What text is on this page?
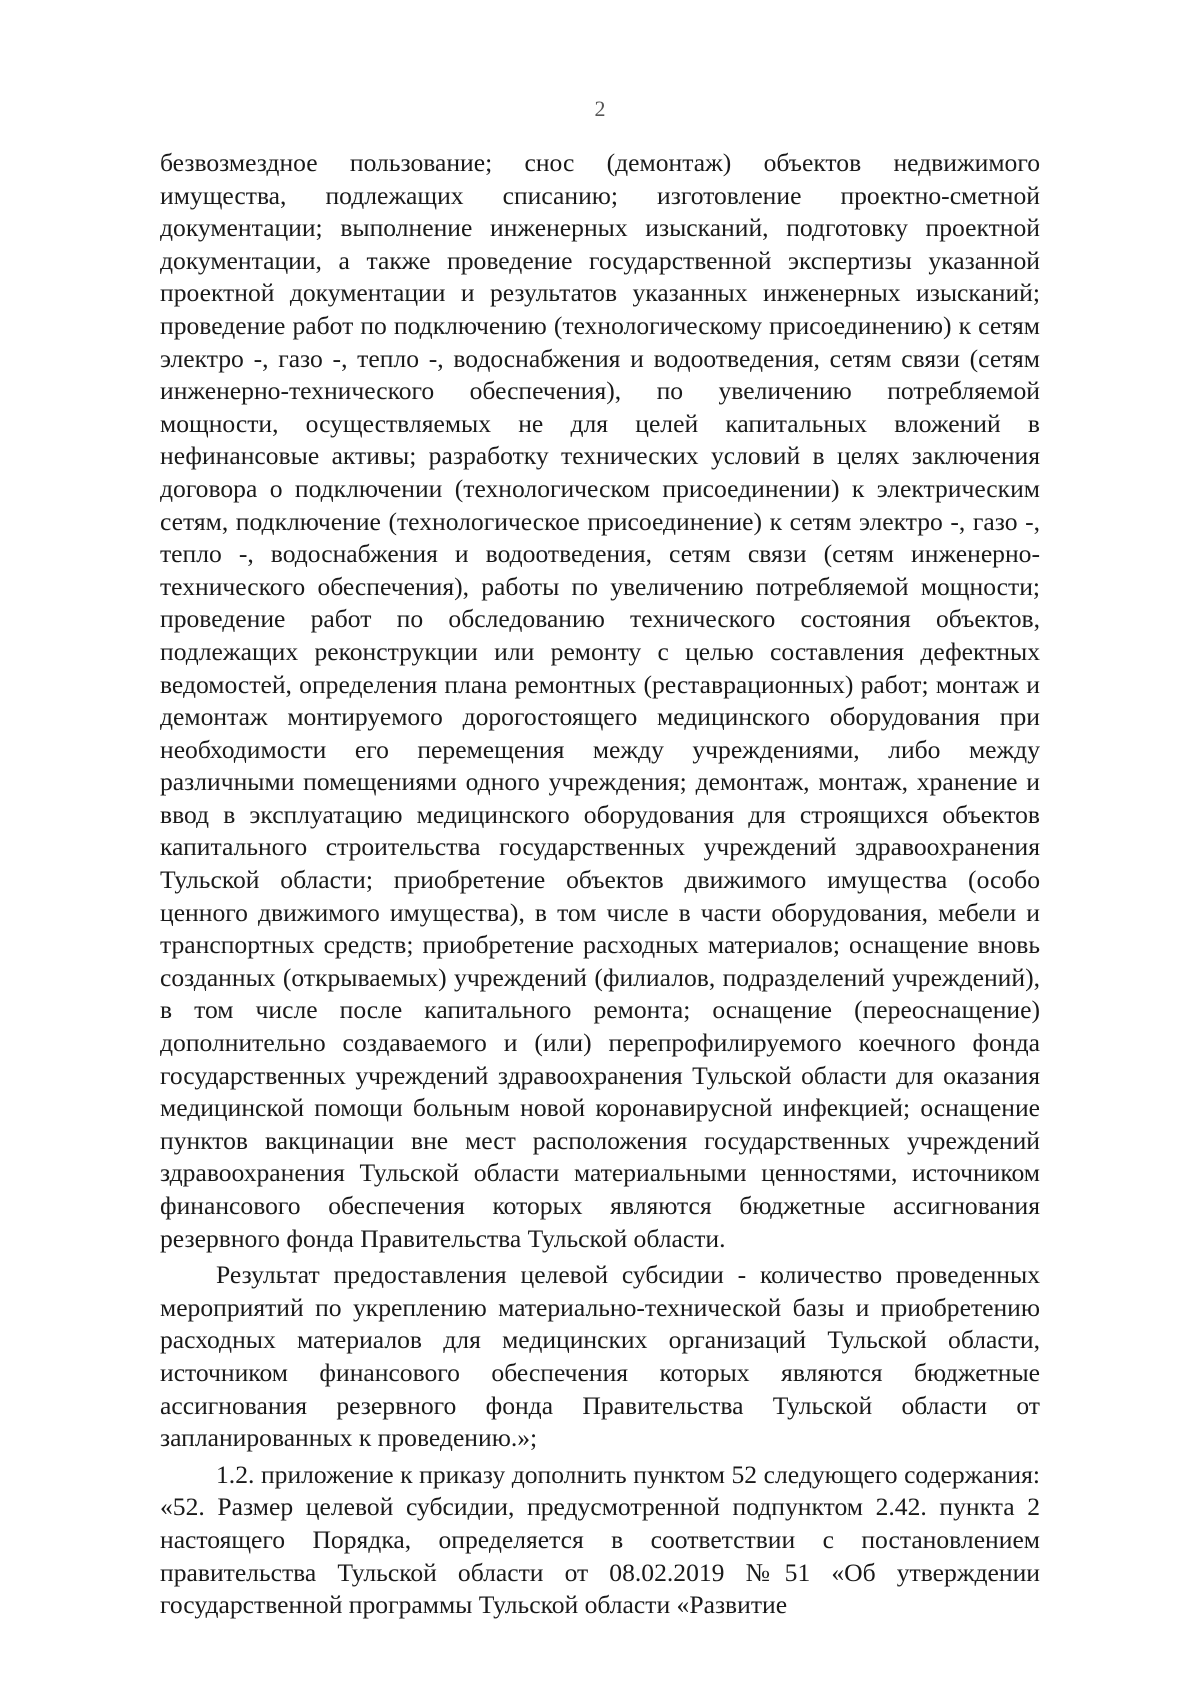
2

безвозмездное пользование; снос (демонтаж) объектов недвижимого имущества, подлежащих списанию; изготовление проектно-сметной документации; выполнение инженерных изысканий, подготовку проектной документации, а также проведение государственной экспертизы указанной проектной документации и результатов указанных инженерных изысканий; проведение работ по подключению (технологическому присоединению) к сетям электро -, газо -, тепло -, водоснабжения и водоотведения, сетям связи (сетям инженерно-технического обеспечения), по увеличению потребляемой мощности, осуществляемых не для целей капитальных вложений в нефинансовые активы; разработку технических условий в целях заключения договора о подключении (технологическом присоединении) к электрическим сетям, подключение (технологическое присоединение) к сетям электро -, газо -, тепло -, водоснабжения и водоотведения, сетям связи (сетям инженерно-технического обеспечения), работы по увеличению потребляемой мощности; проведение работ по обследованию технического состояния объектов, подлежащих реконструкции или ремонту с целью составления дефектных ведомостей, определения плана ремонтных (реставрационных) работ; монтаж и демонтаж монтируемого дорогостоящего медицинского оборудования при необходимости его перемещения между учреждениями, либо между различными помещениями одного учреждения; демонтаж, монтаж, хранение и ввод в эксплуатацию медицинского оборудования для строящихся объектов капитального строительства государственных учреждений здравоохранения Тульской области; приобретение объектов движимого имущества (особо ценного движимого имущества), в том числе в части оборудования, мебели и транспортных средств; приобретение расходных материалов; оснащение вновь созданных (открываемых) учреждений (филиалов, подразделений учреждений), в том числе после капитального ремонта; оснащение (переоснащение) дополнительно создаваемого и (или) перепрофилируемого коечного фонда государственных учреждений здравоохранения Тульской области для оказания медицинской помощи больным новой коронавирусной инфекцией; оснащение пунктов вакцинации вне мест расположения государственных учреждений здравоохранения Тульской области материальными ценностями, источником финансового обеспечения которых являются бюджетные ассигнования резервного фонда Правительства Тульской области.

Результат предоставления целевой субсидии - количество проведенных мероприятий по укреплению материально-технической базы и приобретению расходных материалов для медицинских организаций Тульской области, источником финансового обеспечения которых являются бюджетные ассигнования резервного фонда Правительства Тульской области от запланированных к проведению.»;

1.2. приложение к приказу дополнить пунктом 52 следующего содержания: «52. Размер целевой субсидии, предусмотренной подпунктом 2.42. пункта 2 настоящего Порядка, определяется в соответствии с постановлением правительства Тульской области от 08.02.2019 №51 «Об утверждении государственной программы Тульской области «Развитие
